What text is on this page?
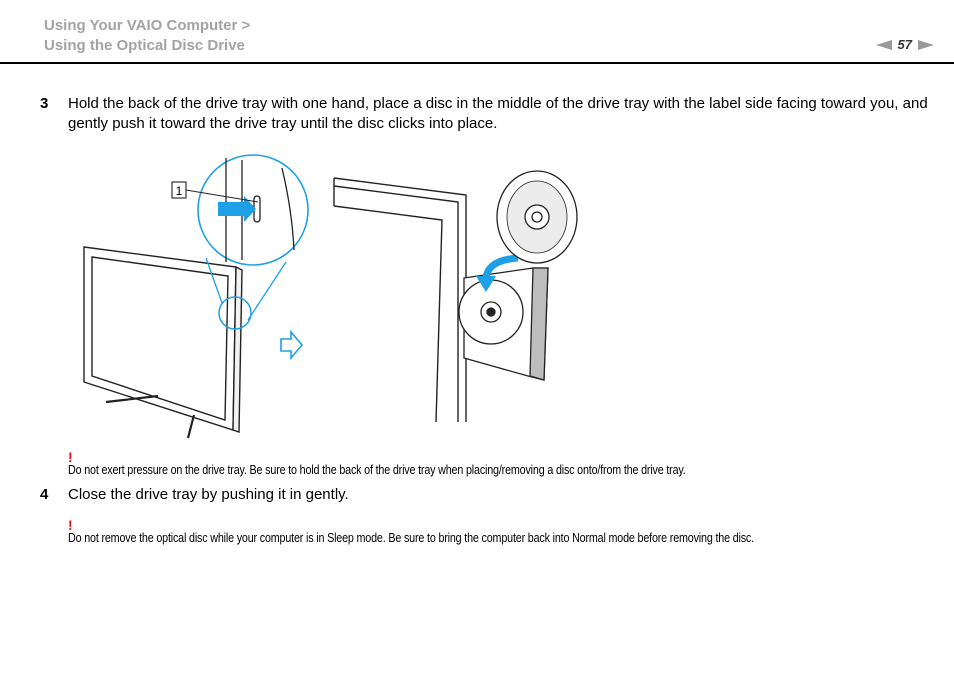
Using Your VAIO Computer >
Using the Optical Disc Drive	57
3 Hold the back of the drive tray with one hand, place a disc in the middle of the drive tray with the label side facing toward you, and gently push it toward the drive tray until the disc clicks into place.
1
!
Do not exert pressure on the drive tray. Be sure to hold the back of the drive tray when placing/removing a disc onto/from the drive tray.
4 Close the drive tray by pushing it in gently.
!
Do not remove the optical disc while your computer is in Sleep mode. Be sure to bring the computer back into Normal mode before removing the disc.
